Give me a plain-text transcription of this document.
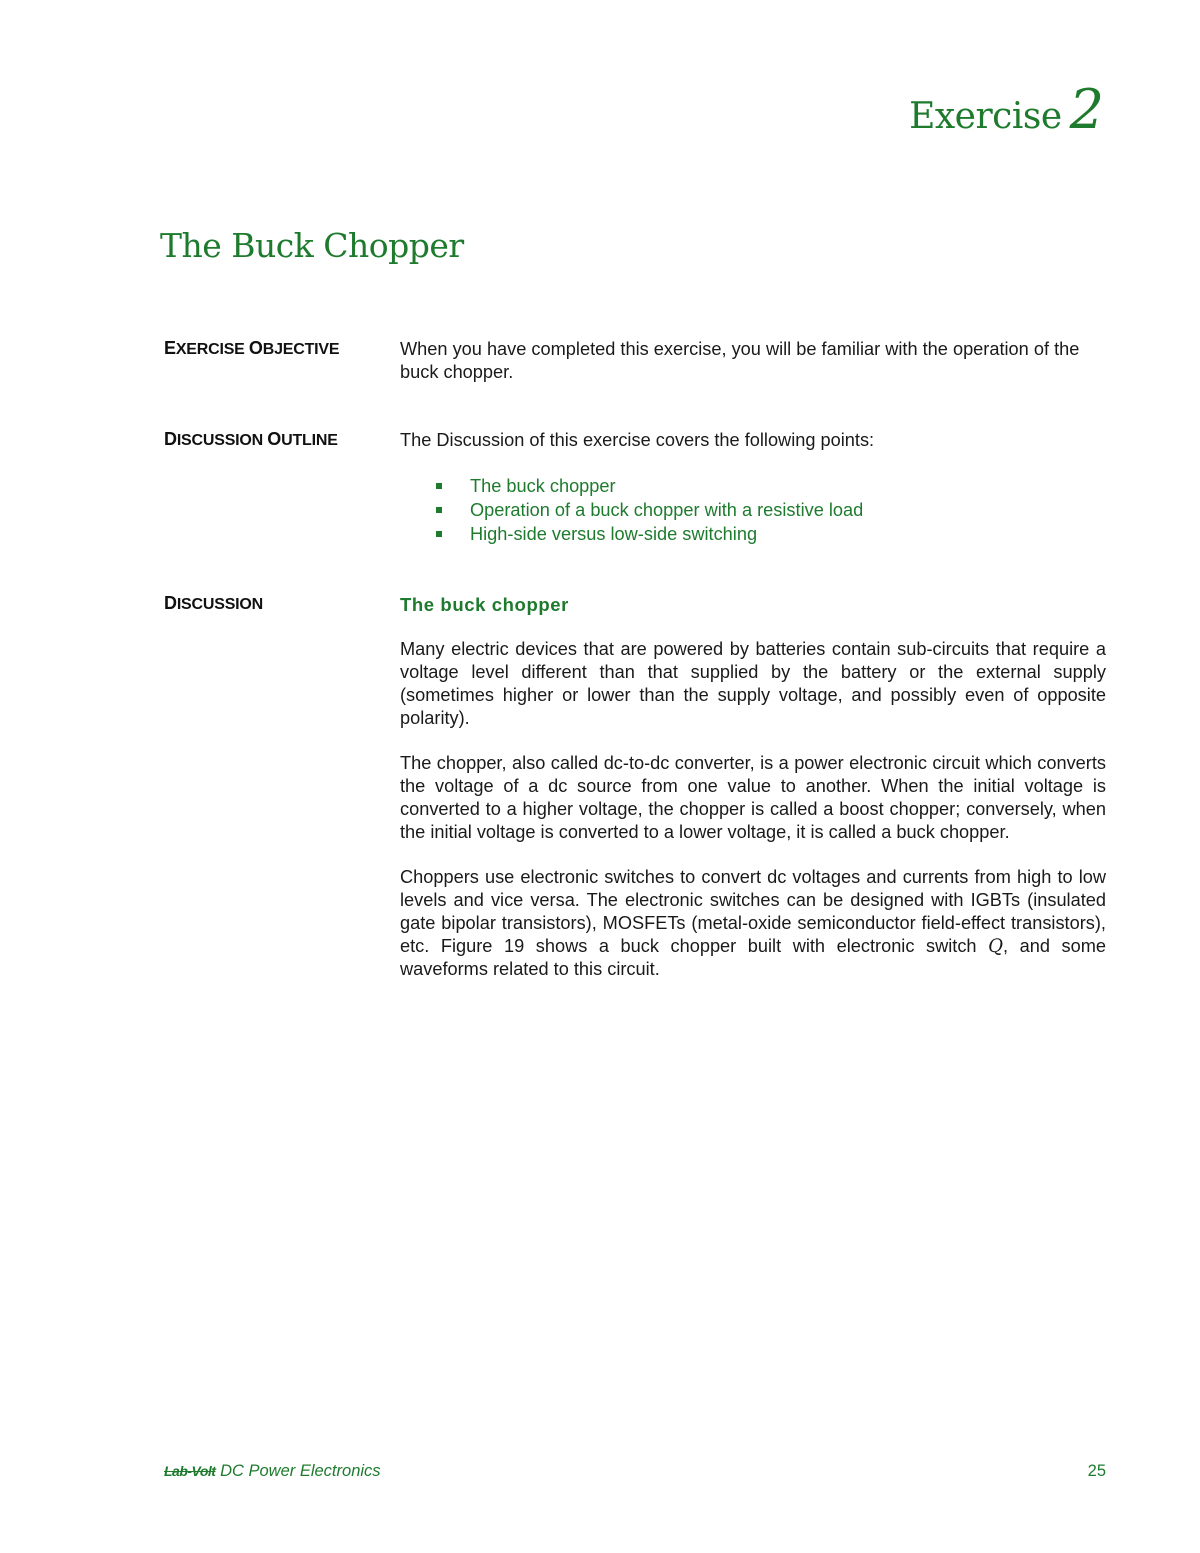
Exercise 2
The Buck Chopper
EXERCISE OBJECTIVE	When you have completed this exercise, you will be familiar with the operation of the buck chopper.
DISCUSSION OUTLINE	The Discussion of this exercise covers the following points:
The buck chopper
Operation of a buck chopper with a resistive load
High-side versus low-side switching
DISCUSSION	The buck chopper

Many electric devices that are powered by batteries contain sub-circuits that require a voltage level different than that supplied by the battery or the external supply (sometimes higher or lower than the supply voltage, and possibly even of opposite polarity).

The chopper, also called dc-to-dc converter, is a power electronic circuit which converts the voltage of a dc source from one value to another. When the initial voltage is converted to a higher voltage, the chopper is called a boost chopper; conversely, when the initial voltage is converted to a lower voltage, it is called a buck chopper.

Choppers use electronic switches to convert dc voltages and currents from high to low levels and vice versa. The electronic switches can be designed with IGBTs (insulated gate bipolar transistors), MOSFETs (metal-oxide semiconductor field-effect transistors), etc. Figure 19 shows a buck chopper built with electronic switch Q, and some waveforms related to this circuit.

Lab-Volt DC Power Electronics	25
